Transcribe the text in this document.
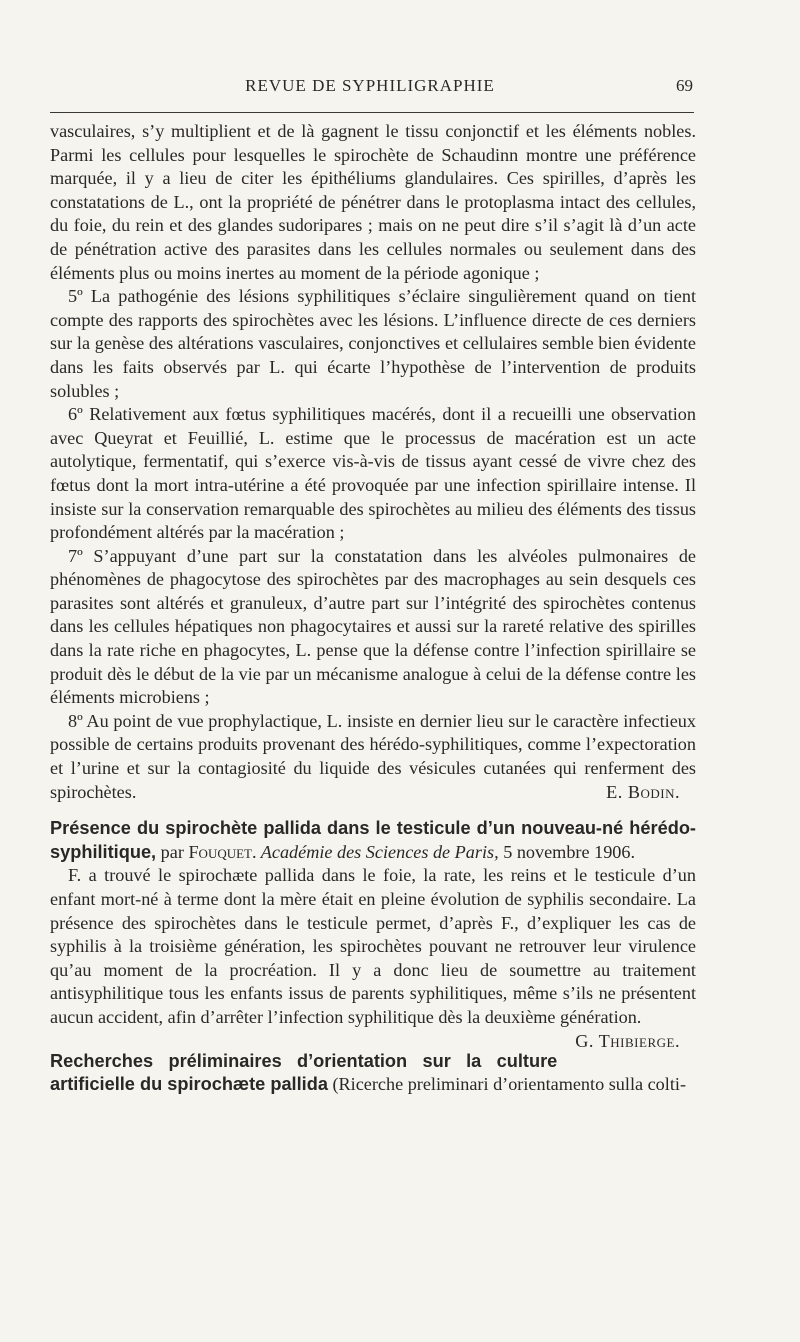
REVUE DE SYPHILIGRAPHIE	69

vasculaires, s’y multiplient et de là gagnent le tissu conjonctif et les éléments nobles. Parmi les cellules pour lesquelles le spirochète de Schaudinn montre une préférence marquée, il y a lieu de citer les épithéliums glandulaires. Ces spirilles, d’après les constatations de L., ont la propriété de pénétrer dans le protoplasma intact des cellules, du foie, du rein et des glandes sudoripares ; mais on ne peut dire s’il s’agit là d’un acte de pénétration active des parasites dans les cellules normales ou seulement dans des éléments plus ou moins inertes au moment de la période agonique ;

5º La pathogénie des lésions syphilitiques s’éclaire singulièrement quand on tient compte des rapports des spirochètes avec les lésions. L’influence directe de ces derniers sur la genèse des altérations vasculaires, conjonctives et cellulaires semble bien évidente dans les faits observés par L. qui écarte l’hypothèse de l’intervention de produits solubles ;

6º Relativement aux fœtus syphilitiques macérés, dont il a recueilli une observation avec Queyrat et Feuillié, L. estime que le processus de macération est un acte autolytique, fermentatif, qui s’exerce vis-à-vis de tissus ayant cessé de vivre chez des fœtus dont la mort intra-utérine a été provoquée par une infection spirillaire intense. Il insiste sur la conservation remarquable des spirochètes au milieu des éléments des tissus profondément altérés par la macération ;

7º S’appuyant d’une part sur la constatation dans les alvéoles pulmonaires de phénomènes de phagocytose des spirochètes par des macrophages au sein desquels ces parasites sont altérés et granuleux, d’autre part sur l’intégrité des spirochètes contenus dans les cellules hépatiques non phagocytaires et aussi sur la rareté relative des spirilles dans la rate riche en phagocytes, L. pense que la défense contre l’infection spirillaire se produit dès le début de la vie par un mécanisme analogue à celui de la défense contre les éléments microbiens ;

8º Au point de vue prophylactique, L. insiste en dernier lieu sur le caractère infectieux possible de certains produits provenant des hérédo-syphilitiques, comme l’expectoration et l’urine et sur la contagiosité du liquide des vésicules cutanées qui renferment des spirochètes.	E. Bodin.

Présence du spirochète pallida dans le testicule d’un nouveau-né hérédo-syphilitique, par Fouquet. Académie des Sciences de Paris, 5 novembre 1906.

F. a trouvé le spirochæte pallida dans le foie, la rate, les reins et le testicule d’un enfant mort-né à terme dont la mère était en pleine évolution de syphilis secondaire. La présence des spirochètes dans le testicule permet, d’après F., d’expliquer les cas de syphilis à la troisième génération, les spirochètes pouvant ne retrouver leur virulence qu’au moment de la procréation. Il y a donc lieu de soumettre au traitement antisyphilitique tous les enfants issus de parents syphilitiques, même s’ils ne présentent aucun accident, afin d’arrêter l’infection syphilitique dès la deuxième génération.
G. Thibierge.

Recherches préliminaires d’orientation sur la culture artificielle du spirochæte pallida (Ricerche preliminari d’orientamento sulla colti-
